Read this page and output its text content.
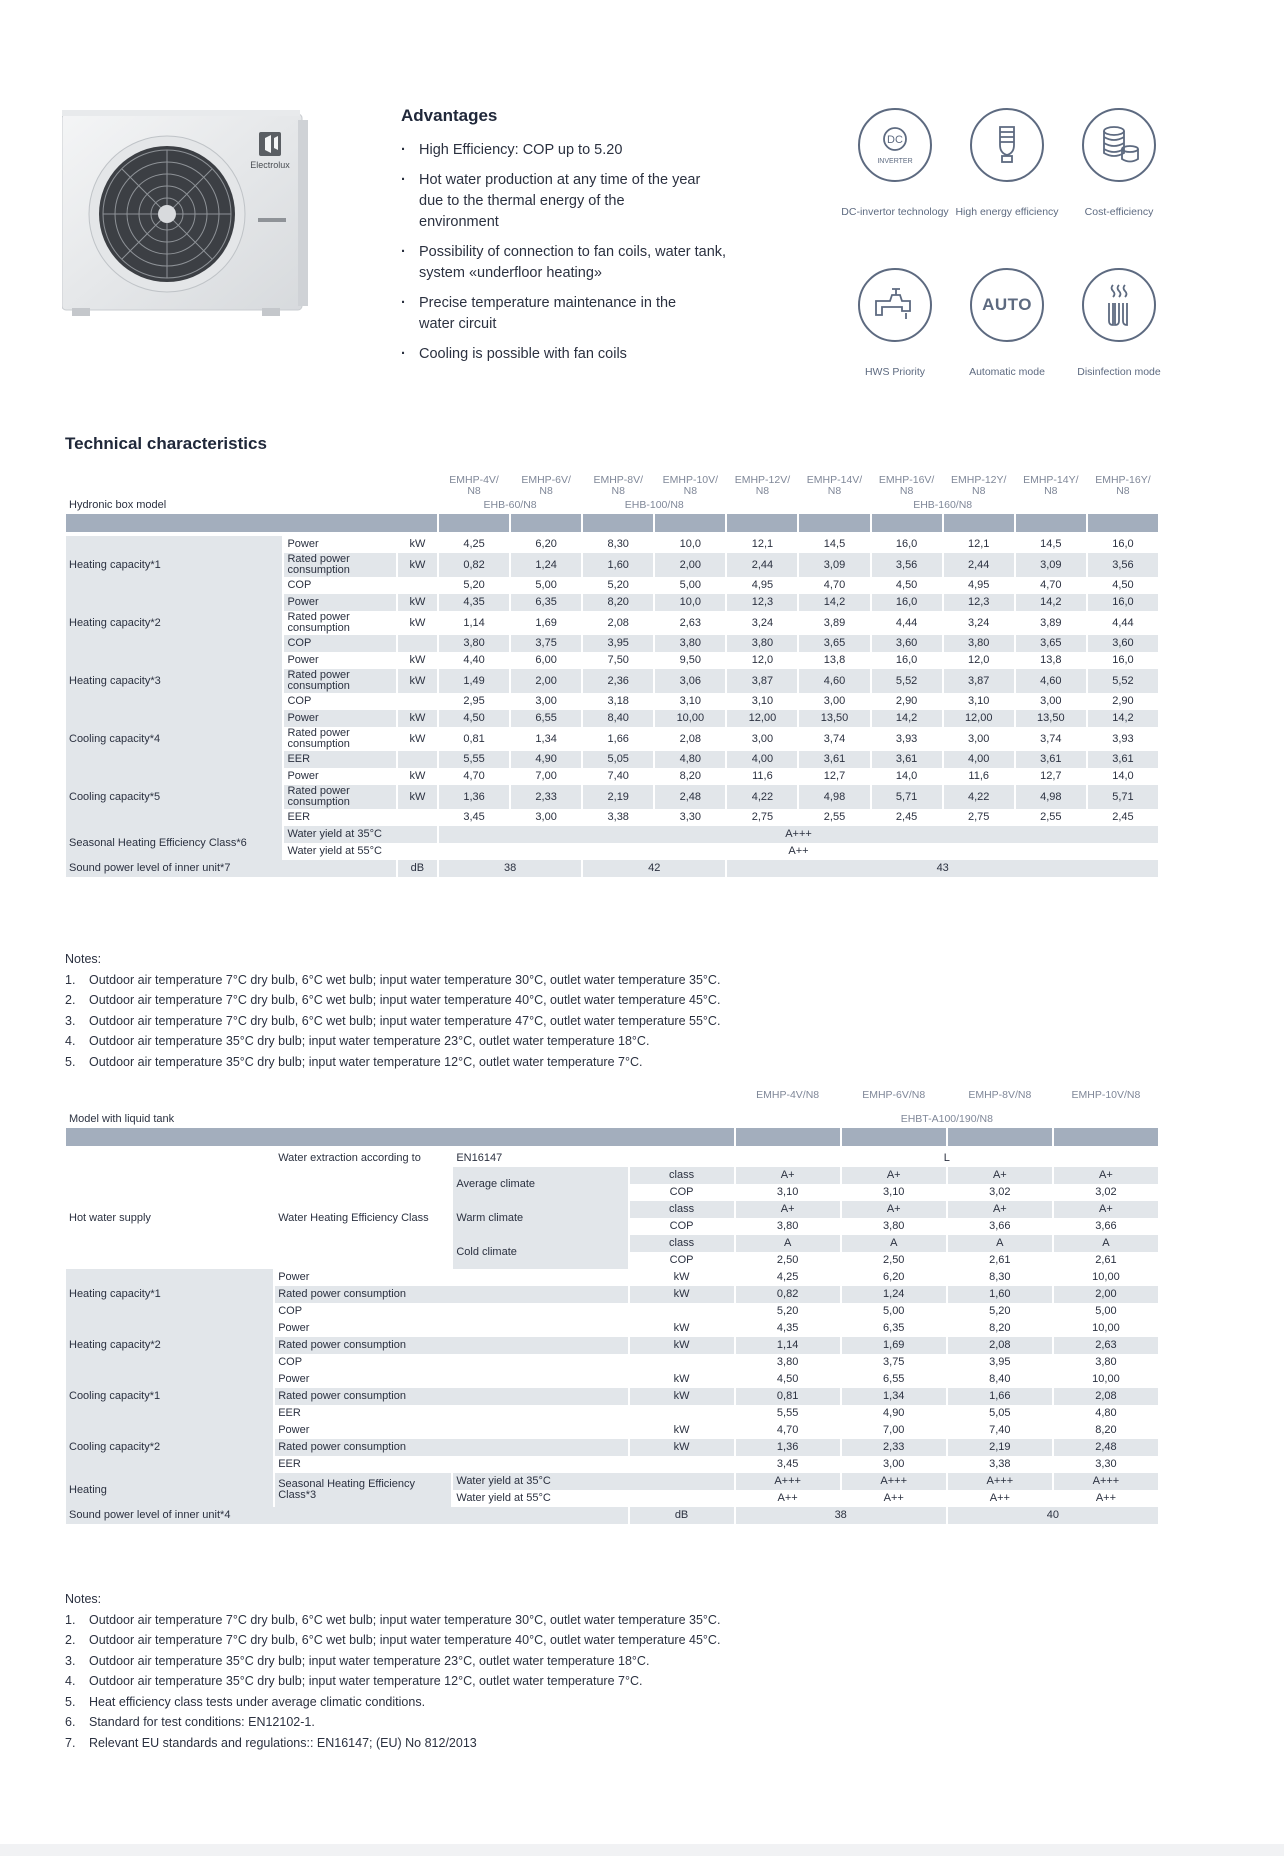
Electrolux
Advantages
· High Efficiency: COP up to 5.20
· Hot water production at any time of the year due to the thermal energy of the environment
· Possibility of connection to fan coils, water tank, system «underfloor heating»
· Precise temperature maintenance in the water circuit
· Cooling is possible with fan coils
DC
INVERTER
DC-invertor technology High energy efficiency	Cost-efficiency
HWS Priority
AUTO
Automatic mode	Disinfection mode
Technical characteristics
			EMHP-4V/ N8	EMHP-6V/ N8	EMHP-8V/ N8	EMHP-10V/ N8	EMHP-12V/ N8	EMHP-14V/ N8	EMHP-16V/ N8	EMHP-12Y/ N8	EMHP-14Y/ N8	EMHP-16Y/ N8
Hydronic box model			EHB-60/N8		EHB-100/N8		EHB-160/N8					

Heating capacity*1	Power	kW	4,25	6,20	8,30	10,0	12,1	14,5	16,0	12,1	14,5	16,0
	Rated power consumption	kW	0,82	1,24	1,60	2,00	2,44	3,09	3,56	2,44	3,09	3,56
	COP		5,20	5,00	5,20	5,00	4,95	4,70	4,50	4,95	4,70	4,50
Heating capacity*2	Power	kW	4,35	6,35	8,20	10,0	12,3	14,2	16,0	12,3	14,2	16,0
	Rated power consumption	kW	1,14	1,69	2,08	2,63	3,24	3,89	4,44	3,24	3,89	4,44
	COP		3,80	3,75	3,95	3,80	3,80	3,65	3,60	3,80	3,65	3,60
Heating capacity*3	Power	kW	4,40	6,00	7,50	9,50	12,0	13,8	16,0	12,0	13,8	16,0
	Rated power consumption	kW	1,49	2,00	2,36	3,06	3,87	4,60	5,52	3,87	4,60	5,52
	COP		2,95	3,00	3,18	3,10	3,10	3,00	2,90	3,10	3,00	2,90
Cooling capacity*4	Power	kW	4,50	6,55	8,40	10,00	12,00	13,50	14,2	12,00	13,50	14,2
	Rated power consumption	kW	0,81	1,34	1,66	2,08	3,00	3,74	3,93	3,00	3,74	3,93
	EER		5,55	4,90	5,05	4,80	4,00	3,61	3,61	4,00	3,61	3,61
Cooling capacity*5	Power	kW	4,70	7,00	7,40	8,20	11,6	12,7	14,0	11,6	12,7	14,0
	Rated power consumption	kW	1,36	2,33	2,19	2,48	4,22	4,98	5,71	4,22	4,98	5,71
	EER		3,45	3,00	3,38	3,30	2,75	2,55	2,45	2,75	2,55	2,45
Seasonal Heating Efficiency Class*6	Water yield at 35°C		A+++									
	Water yield at 55°C		A++									
Sound power level of inner unit*7		dB	38		42		43					
Notes:
1. Outdoor air temperature 7°C dry bulb, 6°C wet bulb; input water temperature 30°C, outlet water temperature 35°C.
2. Outdoor air temperature 7°C dry bulb, 6°C wet bulb; input water temperature 40°C, outlet water temperature 45°C.
3. Outdoor air temperature 7°C dry bulb, 6°C wet bulb; input water temperature 47°C, outlet water temperature 55°C.
4. Outdoor air temperature 35°C dry bulb; input water temperature 23°C, outlet water temperature 18°C.
5. Outdoor air temperature 35°C dry bulb; input water temperature 12°C, outlet water temperature 7°C.
				EMHP-4V/N8	EMHP-6V/N8	EMHP-8V/N8	EMHP-10V/N8
Model with liquid tank				EHBT-A100/190/N8			

	Water extraction according to	EN16147		L			
Hot water supply	Water Heating Efficiency Class	Average climate	class	A+	A+	A+	A+
			COP	3,10	3,10	3,02	3,02
		Warm climate	class	A+	A+	A+	A+
			COP	3,80	3,80	3,66	3,66
		Cold climate	class	A	A	A	A
			COP	2,50	2,50	2,61	2,61
Heating capacity*1	Power		kW	4,25	6,20	8,30	10,00
	Rated power consumption		kW	0,82	1,24	1,60	2,00
	COP			5,20	5,00	5,20	5,00
Heating capacity*2	Power		kW	4,35	6,35	8,20	10,00
	Rated power consumption		kW	1,14	1,69	2,08	2,63
	COP			3,80	3,75	3,95	3,80
Cooling capacity*1	Power		kW	4,50	6,55	8,40	10,00
	Rated power consumption		kW	0,81	1,34	1,66	2,08
	EER			5,55	4,90	5,05	4,80
Cooling capacity*2	Power		kW	4,70	7,00	7,40	8,20
	Rated power consumption		kW	1,36	2,33	2,19	2,48
	EER			3,45	3,00	3,38	3,30
Heating	Seasonal Heating Efficiency Class*3	Water yield at 35°C		A+++	A+++	A+++	A+++
		Water yield at 55°C		A++	A++	A++	A++
Sound power level of inner unit*4			dB	38		40	
Notes:
1. Outdoor air temperature 7°C dry bulb, 6°C wet bulb; input water temperature 30°C, outlet water temperature 35°C.
2. Outdoor air temperature 7°C dry bulb, 6°C wet bulb; input water temperature 40°C, outlet water temperature 45°C.
3. Outdoor air temperature 35°C dry bulb; input water temperature 23°C, outlet water temperature 18°C.
4. Outdoor air temperature 35°C dry bulb; input water temperature 12°C, outlet water temperature 7°C.
5. Heat efficiency class tests under average climatic conditions.
6. Standard for test conditions: EN12102-1.
7. Relevant EU standards and regulations:: EN16147; (EU) No 812/2013
